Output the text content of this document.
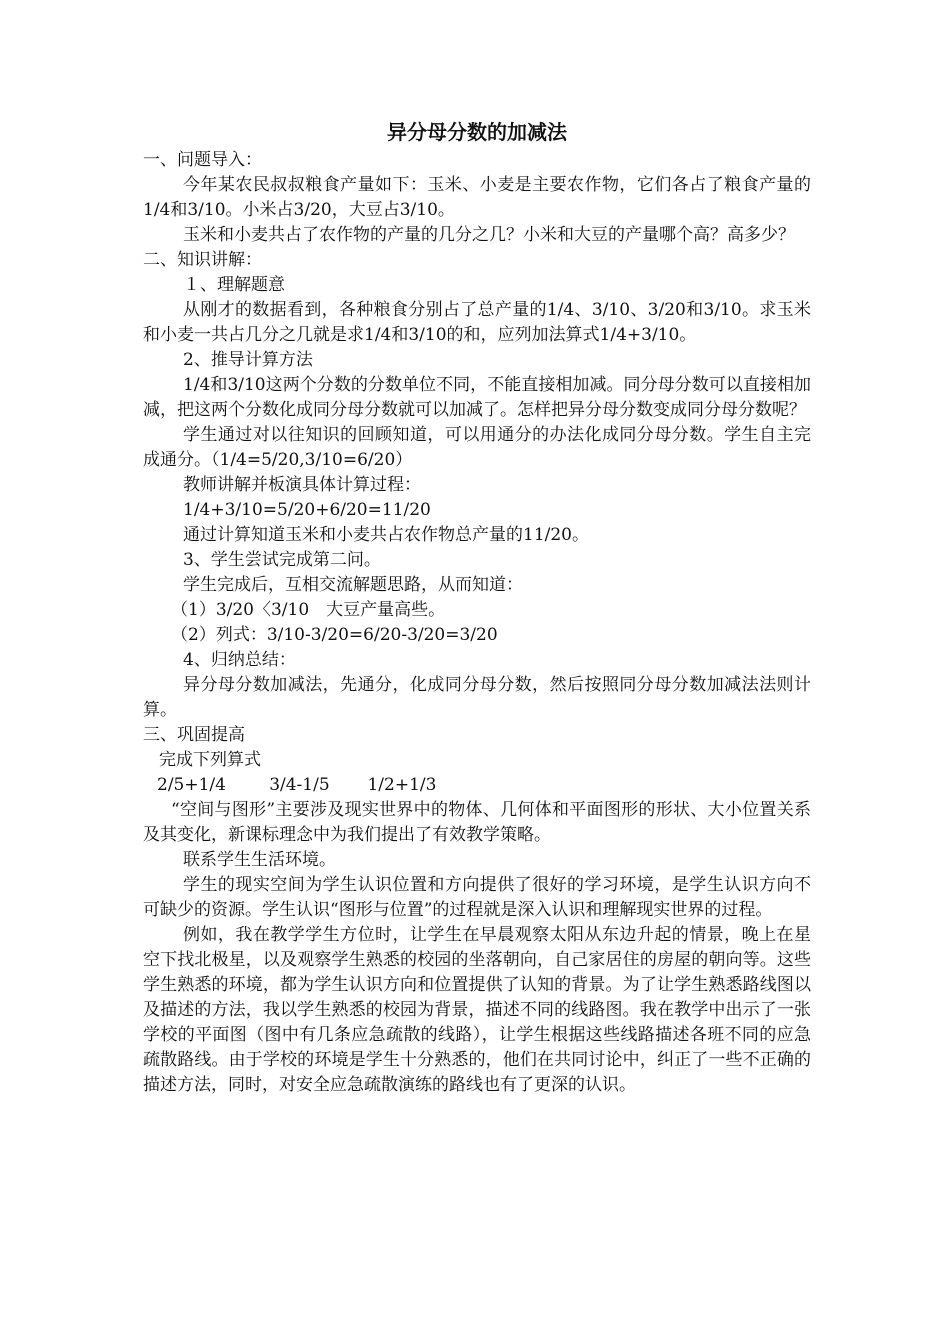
异分母分数的加减法

一、问题导入：

今年某农民叔叔粮食产量如下：玉米、小麦是主要农作物，它们各占了粮食产量的1/4和3/10。小米占3/20，大豆占3/10。

玉米和小麦共占了农作物的产量的几分之几？小米和大豆的产量哪个高？高多少？

二、知识讲解：

１、理解题意

从刚才的数据看到，各种粮食分别占了总产量的1/4、3/10、3/20和3/10。求玉米和小麦一共占几分之几就是求1/4和3/10的和，应列加法算式1/4+3/10。

2、推导计算方法

1/4和3/10这两个分数的分数单位不同，不能直接相加减。同分母分数可以直接相加减，把这两个分数化成同分母分数就可以加减了。怎样把异分母分数变成同分母分数呢？

学生通过对以往知识的回顾知道，可以用通分的办法化成同分母分数。学生自主完成通分。（1/4=5/20,3/10=6/20）

教师讲解并板演具体计算过程：

1/4+3/10=5/20+6/20=11/20

通过计算知道玉米和小麦共占农作物总产量的11/20。

3、学生尝试完成第二问。

学生完成后，互相交流解题思路，从而知道：

（1）3/20〈3/10　大豆产量高些。

（2）列式：3/10-3/20=6/20-3/20=3/20

4、归纳总结：

异分母分数加减法，先通分，化成同分母分数，然后按照同分母分数加减法法则计算。

三、巩固提高

完成下列算式

2/5+1/4        3/4-1/5       1/2+1/3

“空间与图形”主要涉及现实世界中的物体、几何体和平面图形的形状、大小位置关系及其变化，新课标理念中为我们提出了有效教学策略。

联系学生生活环境。

学生的现实空间为学生认识位置和方向提供了很好的学习环境，是学生认识方向不可缺少的资源。学生认识“图形与位置”的过程就是深入认识和理解现实世界的过程。

例如，我在教学学生方位时，让学生在早晨观察太阳从东边升起的情景，晚上在星空下找北极星，以及观察学生熟悉的校园的坐落朝向，自己家居住的房屋的朝向等。这些学生熟悉的环境，都为学生认识方向和位置提供了认知的背景。为了让学生熟悉路线图以及描述的方法，我以学生熟悉的校园为背景，描述不同的线路图。我在教学中出示了一张学校的平面图（图中有几条应急疏散的线路），让学生根据这些线路描述各班不同的应急疏散路线。由于学校的环境是学生十分熟悉的，他们在共同讨论中，纠正了一些不正确的描述方法，同时，对安全应急疏散演练的路线也有了更深的认识。
